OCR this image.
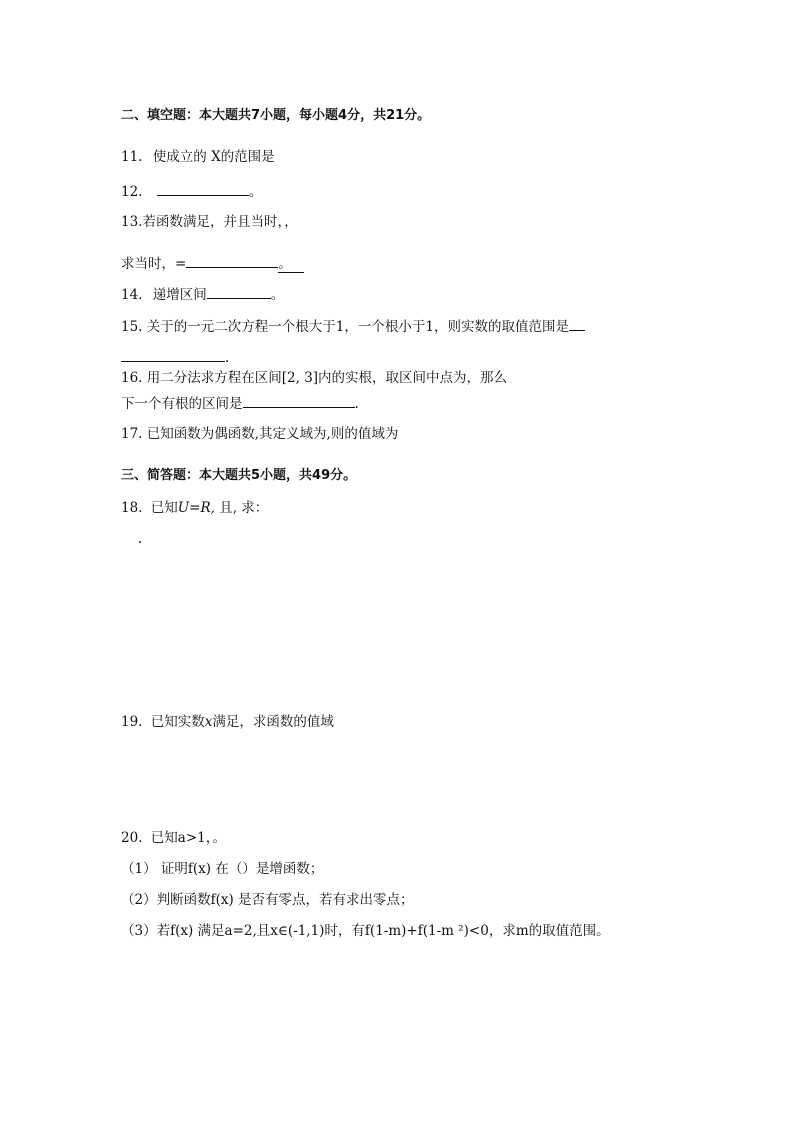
二、填空题：本大题共7小题，每小题4分，共21分。
11. 使成立的 X的范围是
12.	。
13.若函数满足，并且当时，，
求当时，=	。
14. 递增区间	。
15. 关于的一元二次方程一个根大于1，一个根小于1，则实数的取值范围是
.
16. 用二分法求方程在区间[2, 3]内的实根，取区间中点为，那么
下一个有根的区间是	.
17. 已知函数为偶函数,其定义域为,则的值域为
三、简答题：本大题共5小题，共49分。
18. 已知U=R, 且, 求：
19. 已知实数x满足，求函数的值域
20. 已知a>1，。
（1） 证明f(x) 在（）是增函数；
（2）判断函数f(x) 是否有零点，若有求出零点；
（3）若f(x) 满足a=2,且x∈(-1,1)时，有f(1-m)+f(1-m ²)<0，求m的取值范围。
